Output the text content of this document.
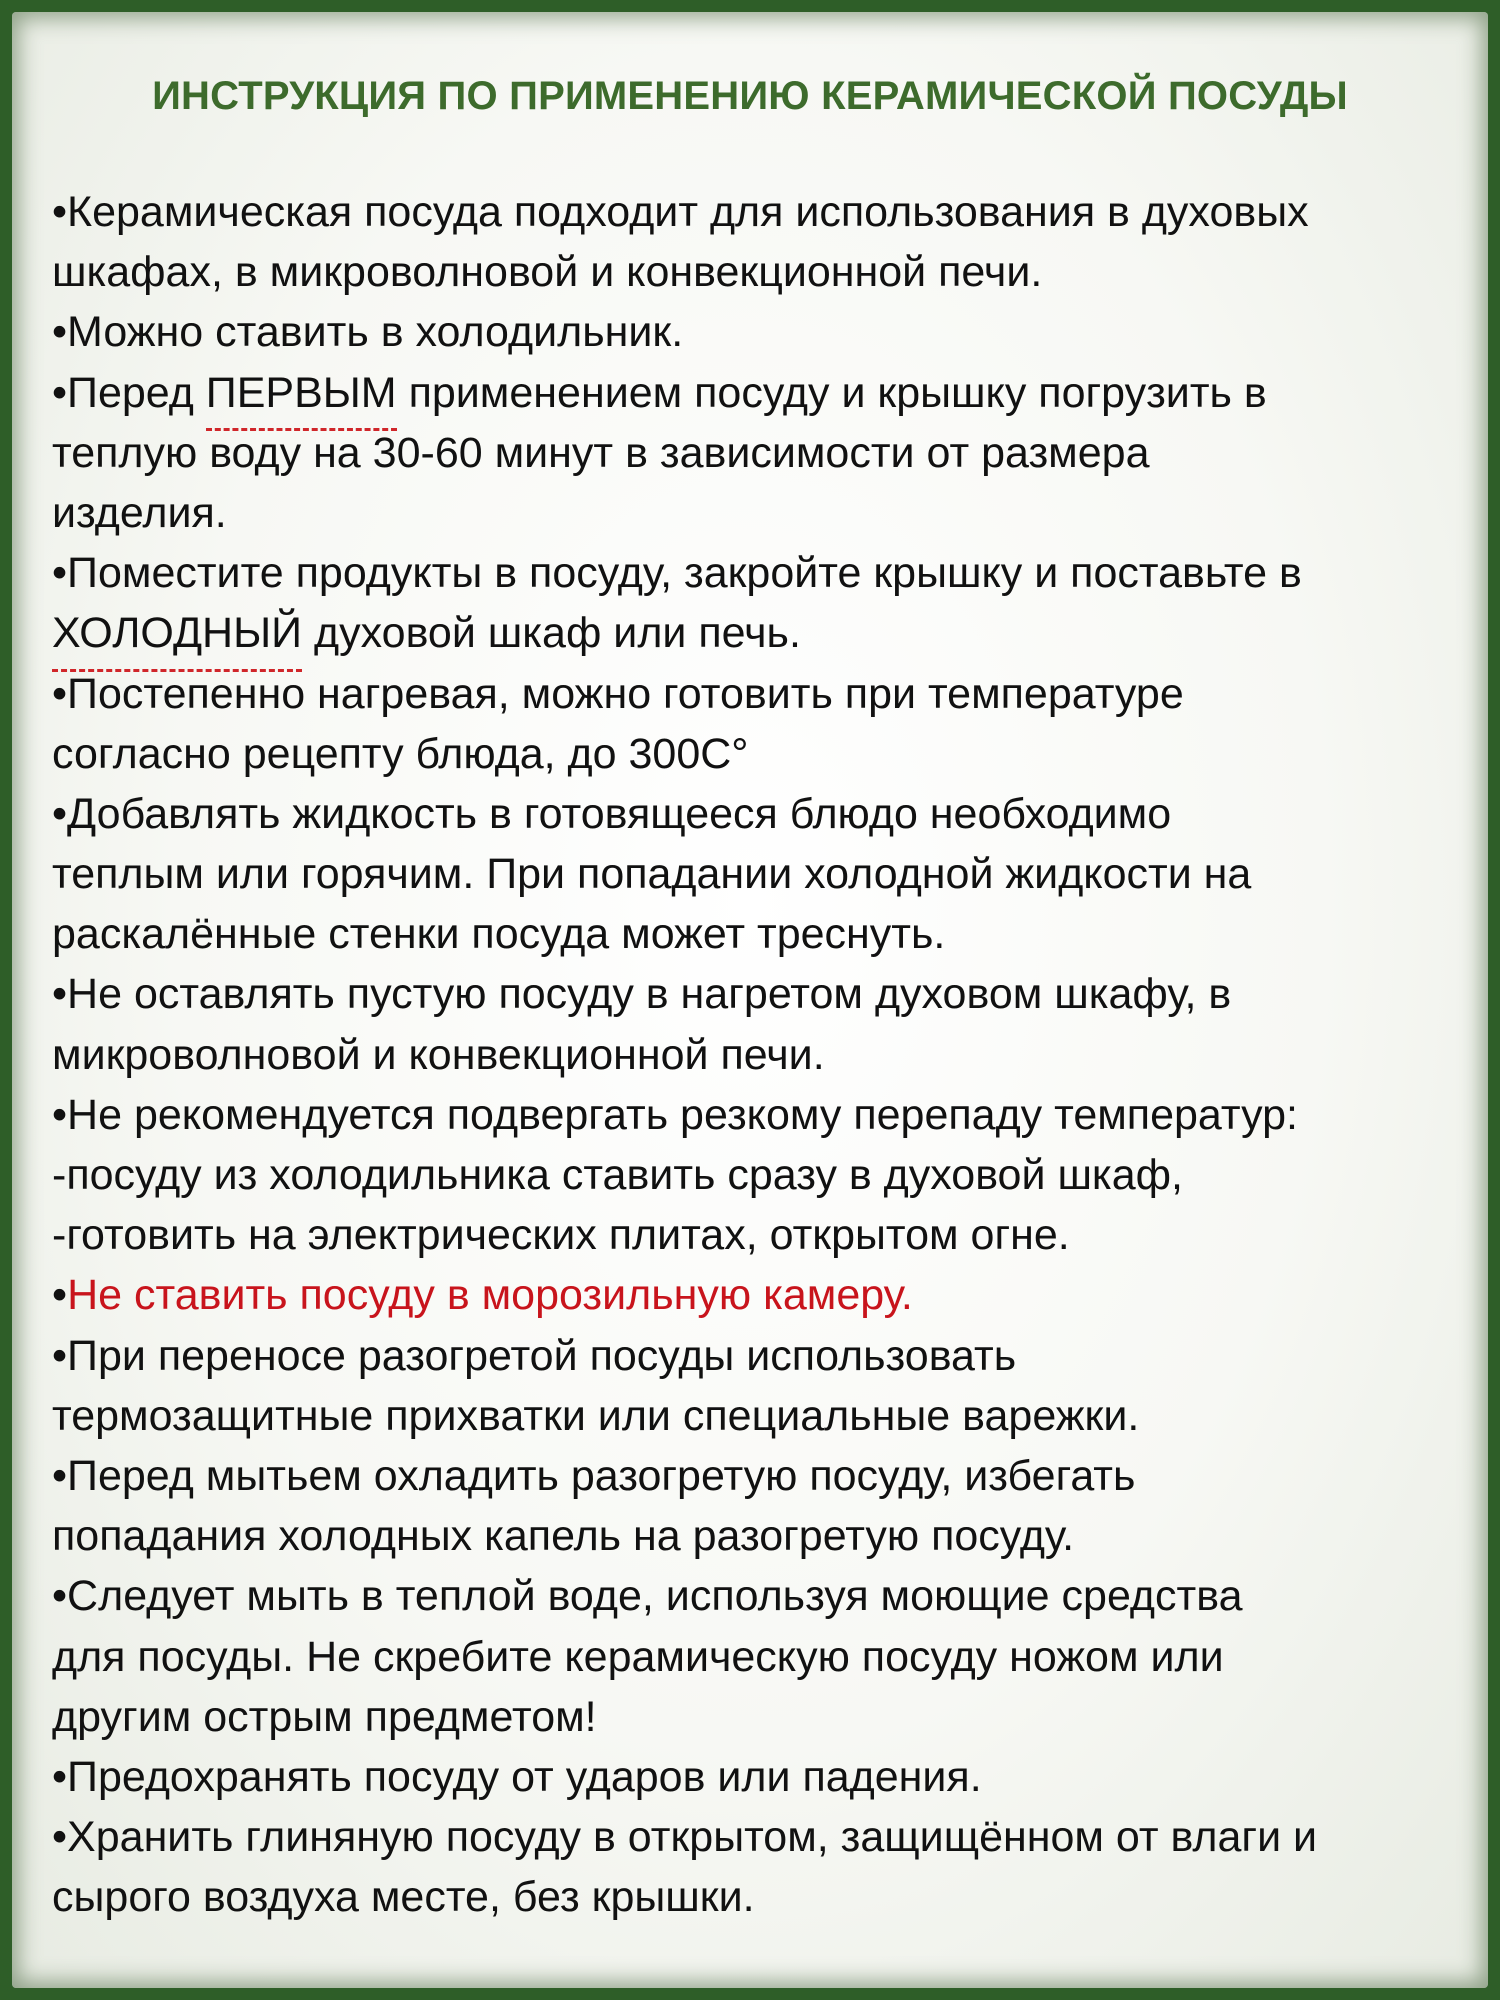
ИНСТРУКЦИЯ ПО ПРИМЕНЕНИЮ КЕРАМИЧЕСКОЙ ПОСУДЫ
•Керамическая посуда подходит для использования в духовых
шкафах, в микроволновой и конвекционной печи.
•Можно ставить в холодильник.
•Перед ПЕРВЫМ применением посуду и крышку погрузить в
теплую воду на 30-60 минут в зависимости от размера
изделия.
•Поместите продукты в посуду, закройте крышку и поставьте в
ХОЛОДНЫЙ духовой шкаф или печь.
•Постепенно нагревая, можно готовить при температуре
согласно рецепту блюда, до 300С°
•Добавлять жидкость в готовящееся блюдо необходимо
теплым или горячим. При попадании холодной жидкости на
раскалённые стенки посуда может треснуть.
•Не оставлять пустую посуду в нагретом духовом шкафу, в
микроволновой и конвекционной печи.
•Не рекомендуется подвергать резкому перепаду температур:
-посуду из холодильника ставить сразу в духовой шкаф,
-готовить на электрических плитах, открытом огне.
•Не ставить посуду в морозильную камеру.
•При переносе разогретой посуды использовать
термозащитные прихватки или специальные варежки.
•Перед мытьем охладить разогретую посуду, избегать
попадания холодных капель на разогретую посуду.
•Следует мыть в теплой воде, используя моющие средства
для посуды. Не скребите керамическую посуду ножом или
другим острым предметом!
•Предохранять посуду от ударов или падения.
•Хранить глиняную посуду в открытом, защищённом от влаги и
сырого воздуха месте, без крышки.
